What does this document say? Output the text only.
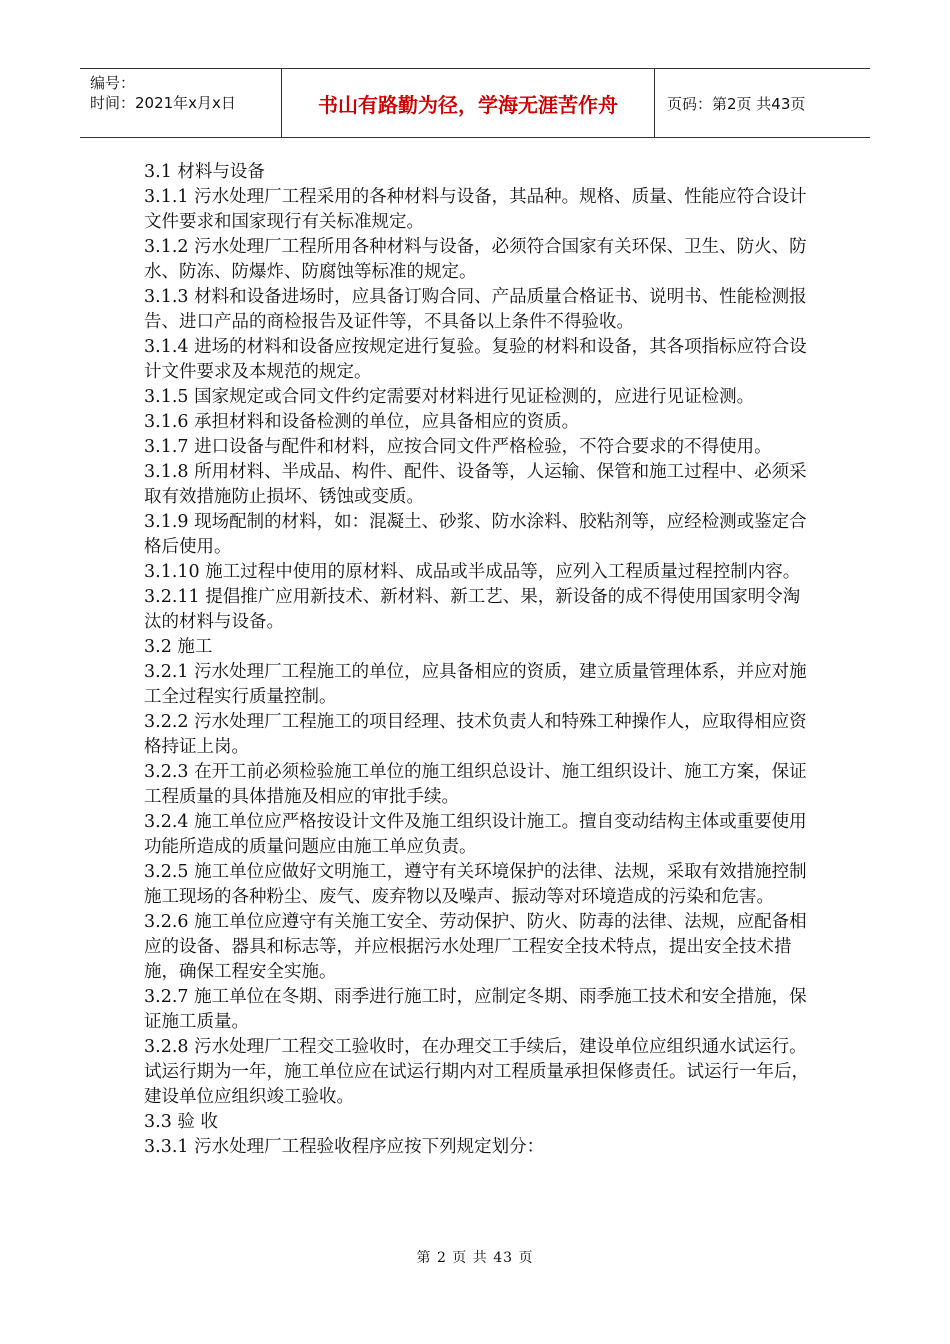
编号：
时间：2021年x月x日	书山有路勤为径，学海无涯苦作舟	页码：第2页 共43页

3.1 材料与设备

3.1.1 污水处理厂工程采用的各种材料与设备，其品种。规格、质量、性能应符合设计文件要求和国家现行有关标准规定。

3.1.2 污水处理厂工程所用各种材料与设备，必须符合国家有关环保、卫生、防火、防水、防冻、防爆炸、防腐蚀等标准的规定。

3.1.3 材料和设备进场时，应具备订购合同、产品质量合格证书、说明书、性能检测报告、进口产品的商检报告及证件等，不具备以上条件不得验收。

3.1.4 进场的材料和设备应按规定进行复验。复验的材料和设备，其各项指标应符合设计文件要求及本规范的规定。

3.1.5 国家规定或合同文件约定需要对材料进行见证检测的，应进行见证检测。

3.1.6 承担材料和设备检测的单位，应具备相应的资质。

3.1.7 进口设备与配件和材料，应按合同文件严格检验，不符合要求的不得使用。

3.1.8 所用材料、半成品、构件、配件、设备等，人运输、保管和施工过程中、必须采取有效措施防止损坏、锈蚀或变质。

3.1.9 现场配制的材料，如：混凝土、砂浆、防水涂料、胶粘剂等，应经检测或鉴定合格后使用。

3.1.10 施工过程中使用的原材料、成品或半成品等，应列入工程质量过程控制内容。

3.2.11 提倡推广应用新技术、新材料、新工艺、果，新设备的成不得使用国家明令淘汰的材料与设备。

3.2 施工

3.2.1 污水处理厂工程施工的单位，应具备相应的资质，建立质量管理体系，并应对施工全过程实行质量控制。

3.2.2 污水处理厂工程施工的项目经理、技术负责人和特殊工种操作人，应取得相应资格持证上岗。

3.2.3 在开工前必须检验施工单位的施工组织总设计、施工组织设计、施工方案，保证工程质量的具体措施及相应的审批手续。

3.2.4 施工单位应严格按设计文件及施工组织设计施工。擅自变动结构主体或重要使用功能所造成的质量问题应由施工单应负责。

3.2.5 施工单位应做好文明施工，遵守有关环境保护的法律、法规，采取有效措施控制施工现场的各种粉尘、废气、废弃物以及噪声、振动等对环境造成的污染和危害。

3.2.6 施工单位应遵守有关施工安全、劳动保护、防火、防毒的法律、法规，应配备相应的设备、器具和标志等，并应根据污水处理厂工程安全技术特点，提出安全技术措施，确保工程安全实施。

3.2.7 施工单位在冬期、雨季进行施工时，应制定冬期、雨季施工技术和安全措施，保证施工质量。

3.2.8 污水处理厂工程交工验收时，在办理交工手续后，建设单位应组织通水试运行。试运行期为一年，施工单位应在试运行期内对工程质量承担保修责任。试运行一年后，建设单位应组织竣工验收。

3.3 验 收

3.3.1 污水处理厂工程验收程序应按下列规定划分：

第 2 页 共 43 页
